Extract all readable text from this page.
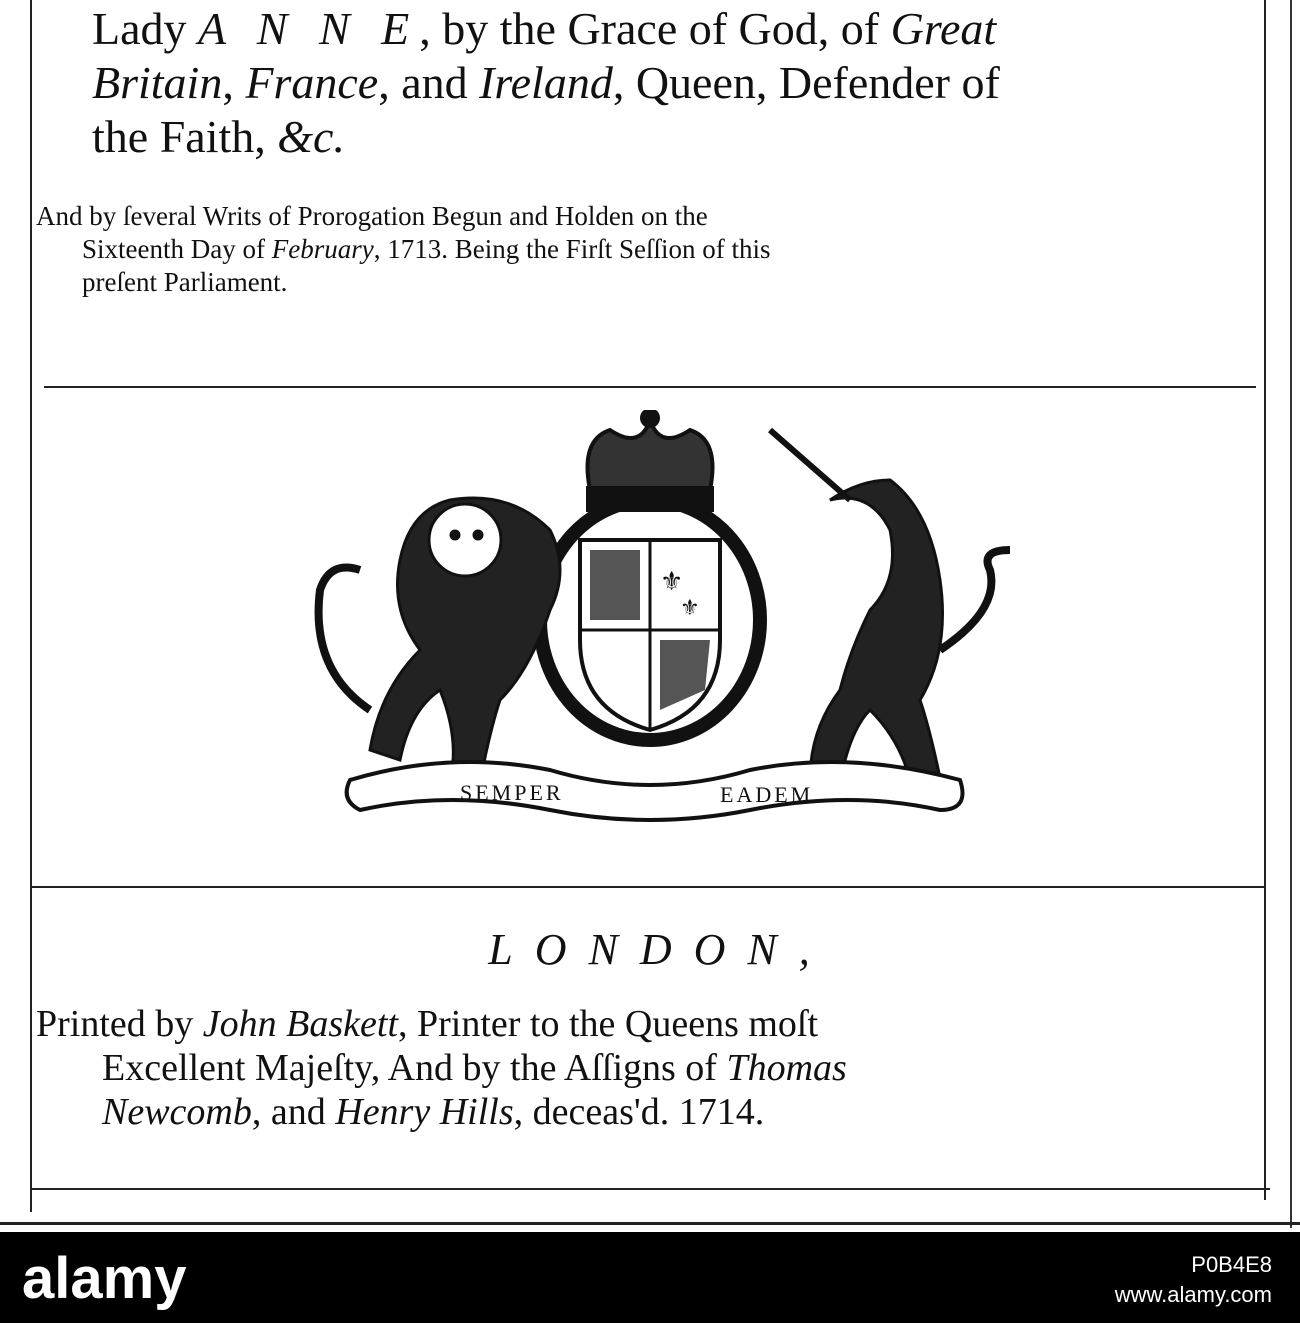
Lady A N N E, by the Grace of God, of Great
Britain, France, and Ireland, Queen, Defender of
the Faith, &c.
And by ſeveral Writs of Prorogation Begun and Holden on the
Sixteenth Day of February, 1713. Being the Firſt Seſſion of this
preſent Parliament.
⚜
⚜
SEMPER	EADEM
LONDON,
Printed by John Baskett, Printer to the Queens moſt
Excellent Majeſty, And by the Aſſigns of Thomas
Newcomb, and Henry Hills, deceas'd. 1714.
alamy	P0B4E8
www.alamy.com
